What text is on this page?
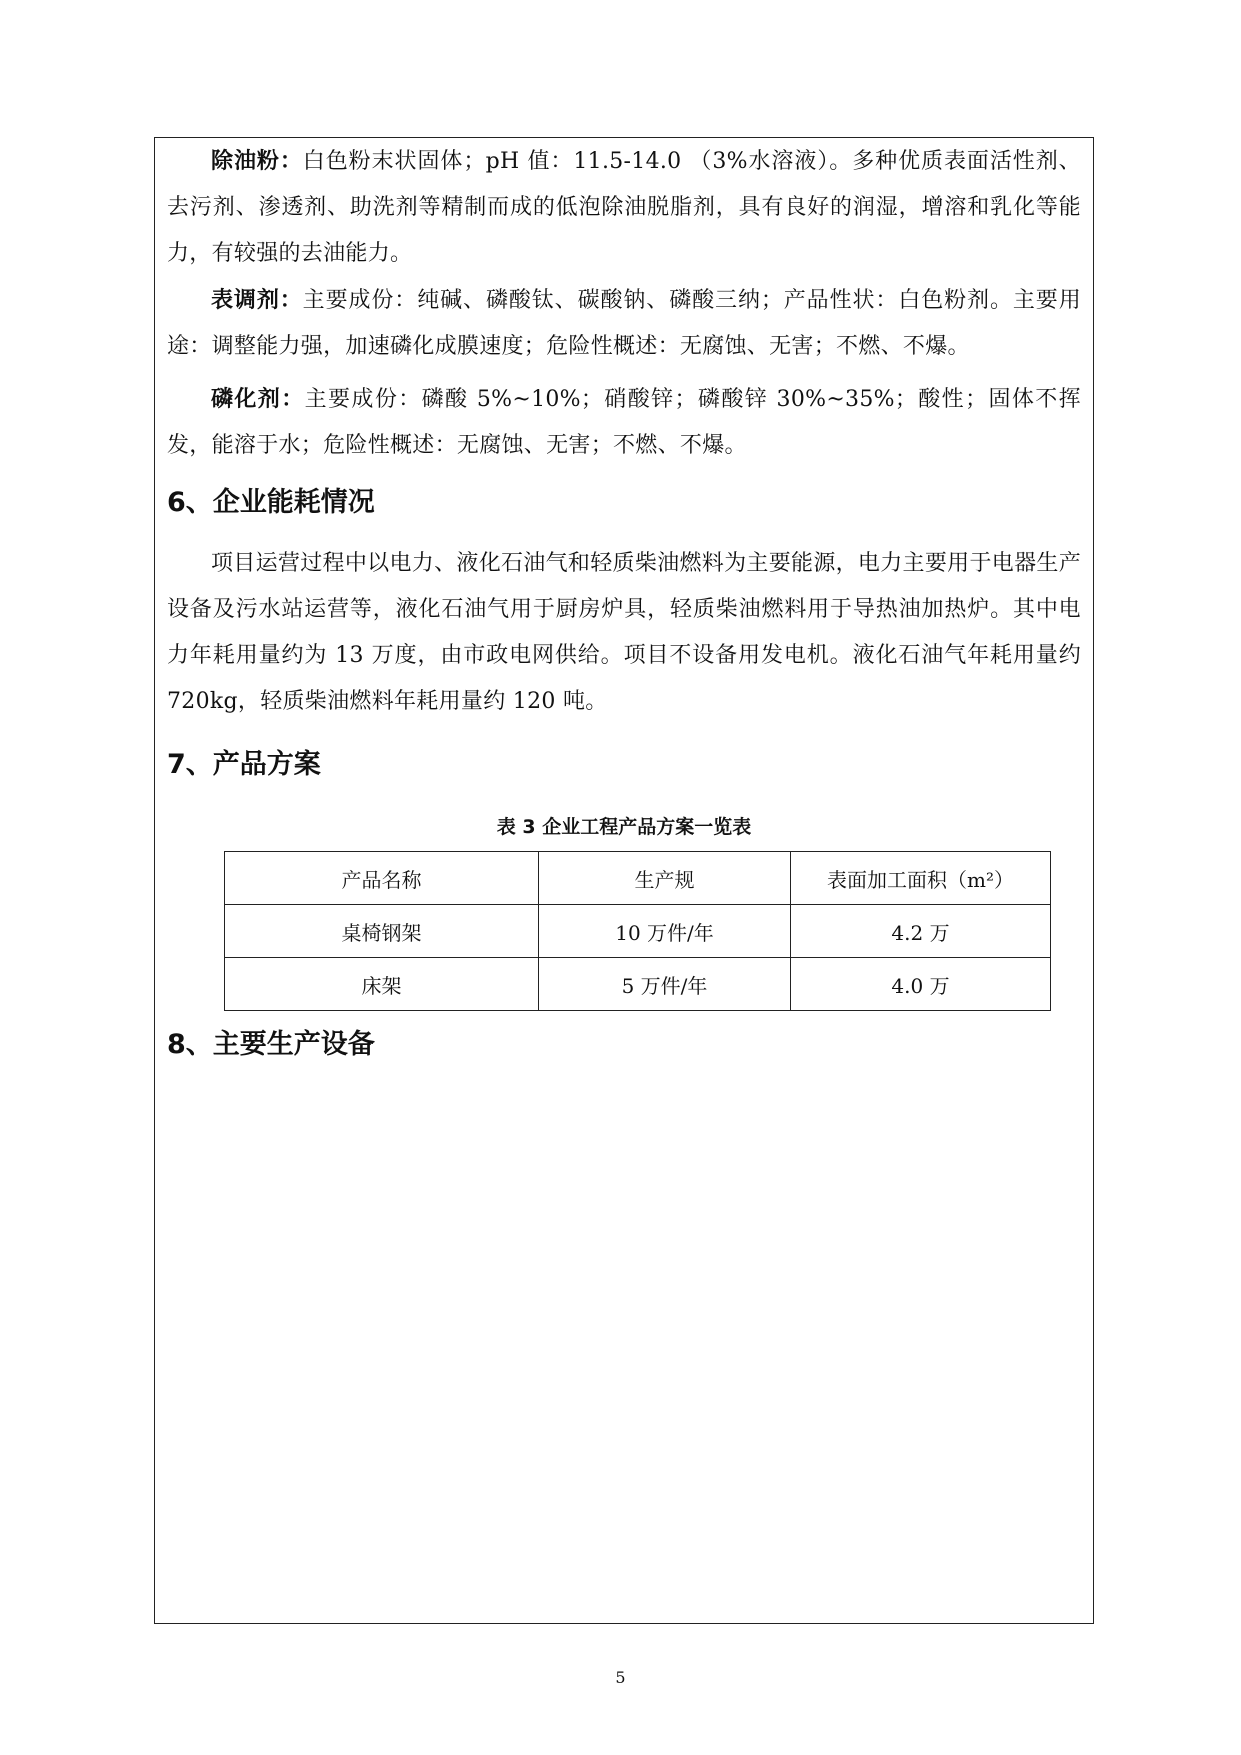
除油粉：白色粉末状固体；pH 值：11.5-14.0 （3%水溶液）。多种优质表面活性剂、去污剂、渗透剂、助洗剂等精制而成的低泡除油脱脂剂，具有良好的润湿，增溶和乳化等能力，有较强的去油能力。

表调剂：主要成份：纯碱、磷酸钛、碳酸钠、磷酸三纳；产品性状：白色粉剂。主要用途：调整能力强，加速磷化成膜速度；危险性概述：无腐蚀、无害；不燃、不爆。

磷化剂：主要成份：磷酸 5%~10%；硝酸锌；磷酸锌 30%~35%；酸性；固体不挥发，能溶于水；危险性概述：无腐蚀、无害；不燃、不爆。

6、企业能耗情况

项目运营过程中以电力、液化石油气和轻质柴油燃料为主要能源，电力主要用于电器生产设备及污水站运营等，液化石油气用于厨房炉具，轻质柴油燃料用于导热油加热炉。其中电力年耗用量约为 13 万度，由市政电网供给。项目不设备用发电机。液化石油气年耗用量约 720kg，轻质柴油燃料年耗用量约 120 吨。

7、产品方案
表 3 企业工程产品方案一览表
产品名称	生产规	表面加工面积（m²）
桌椅钢架	10 万件/年	4.2 万
床架	5 万件/年	4.0 万
8、主要生产设备
5
